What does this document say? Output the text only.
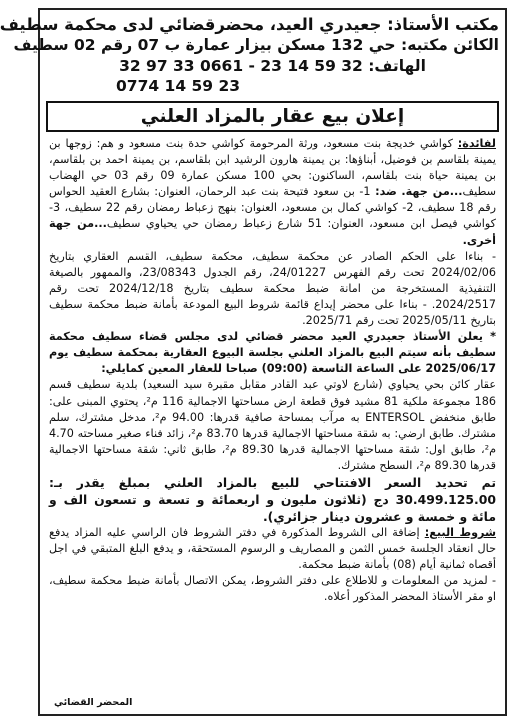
مكتب الأستاذ: جعيدري العيد، محضرقضائي لدى محكمة سطيف
الكائن مكتبه: حي 132 مسكن بيزار عمارة ب 07 رقم 02 سطيف
الهاتف: 32 97 33 0661 - 23 14 59 32
0774 14 59 23
إعلان بيع عقار بالمزاد العلني

لفائدة: كواشي خديجة بنت مسعود، ورثة المرحومة كواشي حدة بنت مسعود و هم: زوجها بن يمينة بلقاسم بن فوضيل، أبناؤها: بن يمينة هارون الرشيد ابن بلقاسم، بن يمينة احمد بن بلقاسم، بن يمينة حياة بنت بلقاسم، الساكنون: بحي 100 مسكن عمارة 09 رقم 03 حي الهضاب سطيف...من جهة. ضد: 1- بن سعود فتيحة بنت عبد الرحمان، العنوان: بشارع العقيد الحواس رقم 18 سطيف، 2- كواشي كمال بن مسعود، العنوان: بنهج زعباط رمضان رقم 22 سطيف، 3- كواشي فيصل ابن مسعود، العنوان: 51 شارع زعباط رمضان حي يحياوي سطيف...من جهة أخرى.

- بناءا على الحكم الصادر عن محكمة سطيف، محكمة سطيف، القسم العقاري بتاريخ 2024/02/06 تحت رقم الفهرس 24/01227، رقم الجدول 23/08343، والممهور بالصيغة التنفيذية المستخرجة من امانة ضبط محكمة سطيف بتاريخ 2024/12/18 تحت رقم 2024/2517. - بناءا على محضر إيداع قائمة شروط البيع المودعة بأمانة ضبط محكمة سطيف بتاريخ 2025/05/11 تحت رقم 2025/71.

* يعلن الأستاذ جعيدري العيد محضر قضائي لدى مجلس قضاء سطيف محكمة سطيف بأنه سيتم البيع بالمزاد العلني بجلسة البيوع العقارية بمحكمة سطيف يوم 2025/06/17 على الساعة التاسعة (09:00) صباحا للعقار المعين كمايلي:

عقار كائن بحي يحياوي (شارع لاوتي عبد القادر مقابل مقبرة سيد السعيد) بلدية سطيف قسم 186 مجموعة ملكية 81 مشيد فوق قطعة ارض مساحتها الاجمالية 116 م²، يحتوي المبنى على: طابق منخفض ENTERSOL به مرآب بمساحة صافية قدرها: 94.00 م²، مدخل مشترك، سلم مشترك. طابق ارضي: به شقة مساحتها الاجمالية قدرها 83.70 م²، زائد فناء صغير مساحته 4.70 م²، طابق اول: شقة مساحتها الاجمالية قدرها 89.30 م²، طابق ثاني: شقة مساحتها الاجمالية قدرها 89.30 م²، السطح مشترك.

تم تحديد السعر الافتتاحي للبيع بالمزاد العلني بمبلغ يقدر بـ: 30.499.125.00 دج (ثلاثون مليون و اربعمائة و تسعة و تسعون الف و مائة و خمسة و عشرون دينار جزائري).

شروط البيع: إضافة الى الشروط المذكورة في دفتر الشروط فان الراسي عليه المزاد يدفع حال انعقاد الجلسة خمس الثمن و المصاريف و الرسوم المستحقة، و يدفع البلغ المتبقي في اجل أقصاه ثمانية أيام (08) بأمانة ضبط محكمة.

- لمزيد من المعلومات و للاطلاع على دفتر الشروط، يمكن الاتصال بأمانة ضبط محكمة سطيف، او مقر الأستاذ المحضر المذكور أعلاه.

المحضر القضائي
